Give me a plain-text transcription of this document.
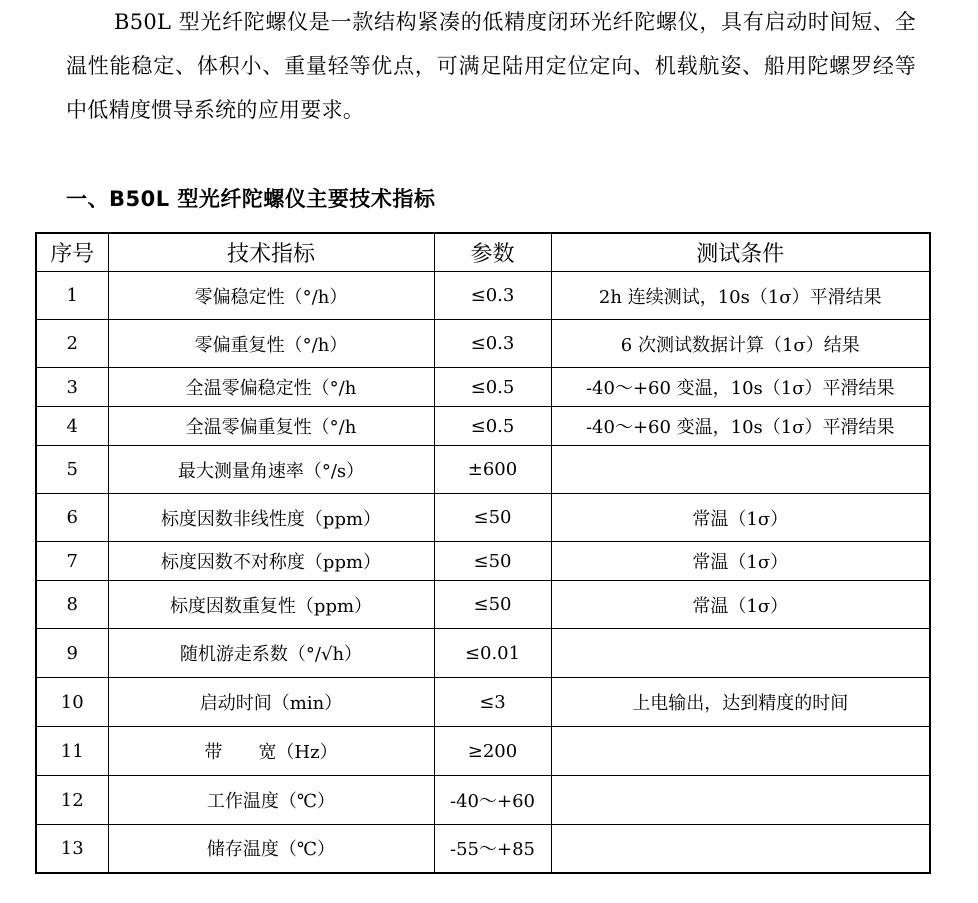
B50L 型光纤陀螺仪是一款结构紧凑的低精度闭环光纤陀螺仪，具有启动时间短、全温性能稳定、体积小、重量轻等优点，可满足陆用定位定向、机载航姿、船用陀螺罗经等中低精度惯导系统的应用要求。

一、B50L 型光纤陀螺仪主要技术指标
序号	技术指标	参数	测试条件
1	零偏稳定性（°/h）	≤0.3	2h 连续测试，10s（1σ）平滑结果
2	零偏重复性（°/h）	≤0.3	6 次测试数据计算（1σ）结果
3	全温零偏稳定性（°/h	≤0.5	-40～+60 变温，10s（1σ）平滑结果
4	全温零偏重复性（°/h	≤0.5	-40～+60 变温，10s（1σ）平滑结果
5	最大测量角速率（°/s）	±600	
6	标度因数非线性度（ppm）	≤50	常温（1σ）
7	标度因数不对称度（ppm）	≤50	常温（1σ）
8	标度因数重复性（ppm）	≤50	常温（1σ）
9	随机游走系数（°/√h）	≤0.01	
10	启动时间（min）	≤3	上电输出，达到精度的时间
11	带　　宽（Hz）	≥200	
12	工作温度（℃）	-40～+60	
13	储存温度（℃）	-55～+85	
